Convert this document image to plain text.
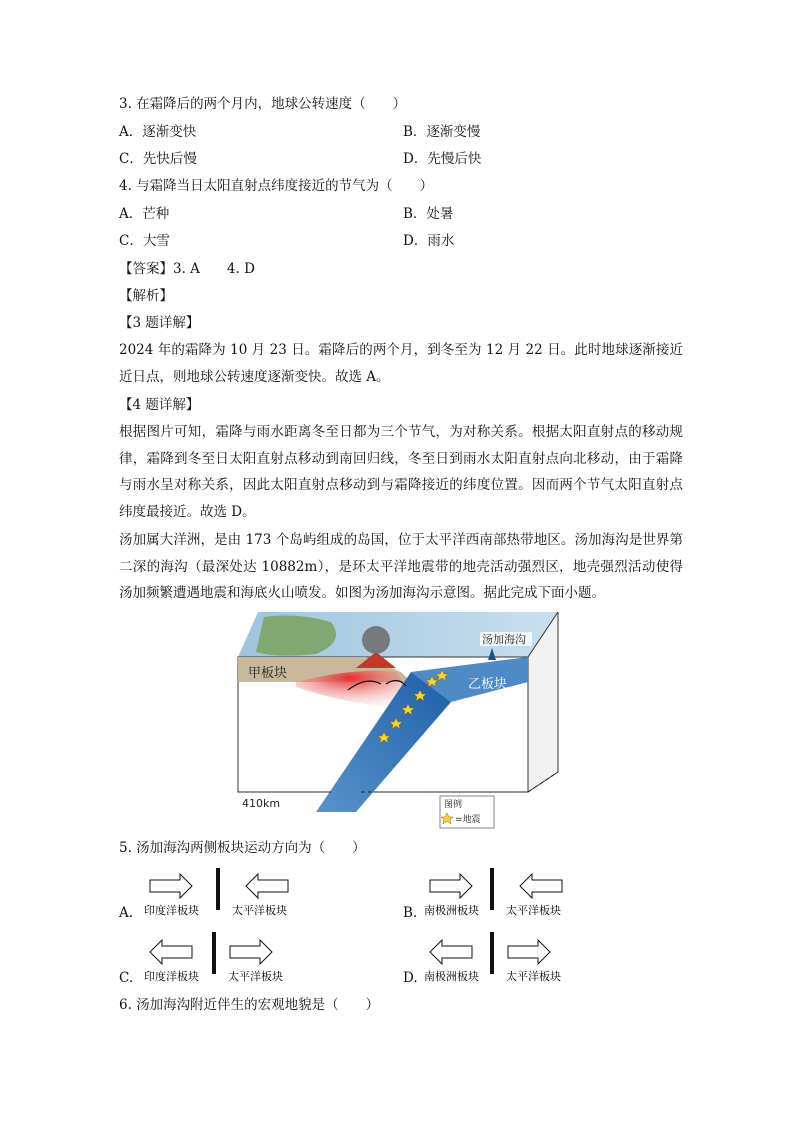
3. 在霜降后的两个月内，地球公转速度（　　）
A．逐渐变快	B．逐渐变慢
C．先快后慢	D．先慢后快
4. 与霜降当日太阳直射点纬度接近的节气为（　　）
A．芒种	B．处暑
C．大雪	D．雨水
【答案】3. A　　4. D
【解析】
【3 题详解】
2024 年的霜降为 10 月 23 日。霜降后的两个月，到冬至为 12 月 22 日。此时地球逐渐接近近日点，则地球公转速度逐渐变快。故选 A。
【4 题详解】
根据图片可知，霜降与雨水距离冬至日都为三个节气，为对称关系。根据太阳直射点的移动规律，霜降到冬至日太阳直射点移动到南回归线，冬至日到雨水太阳直射点向北移动，由于霜降与雨水呈对称关系，因此太阳直射点移动到与霜降接近的纬度位置。因而两个节气太阳直射点纬度最接近。故选 D。
汤加属大洋洲，是由 173 个岛屿组成的岛国，位于太平洋西南部热带地区。汤加海沟是世界第二深的海沟（最深处达 10882m），是环太平洋地震带的地壳活动强烈区，地壳强烈活动使得汤加频繁遭遇地震和海底火山喷发。如图为汤加海沟示意图。据此完成下面小题。
汤加海沟
甲板块
乙板块
410km	图例
=地震
5. 汤加海沟两侧板块运动方向为（　　）
A. 印度洋板块	太平洋板块	B. 南极洲板块 太平洋板块
C. 印度洋板块	太平洋板块	D. 南极洲板块 太平洋板块
6. 汤加海沟附近伴生的宏观地貌是（　　）
